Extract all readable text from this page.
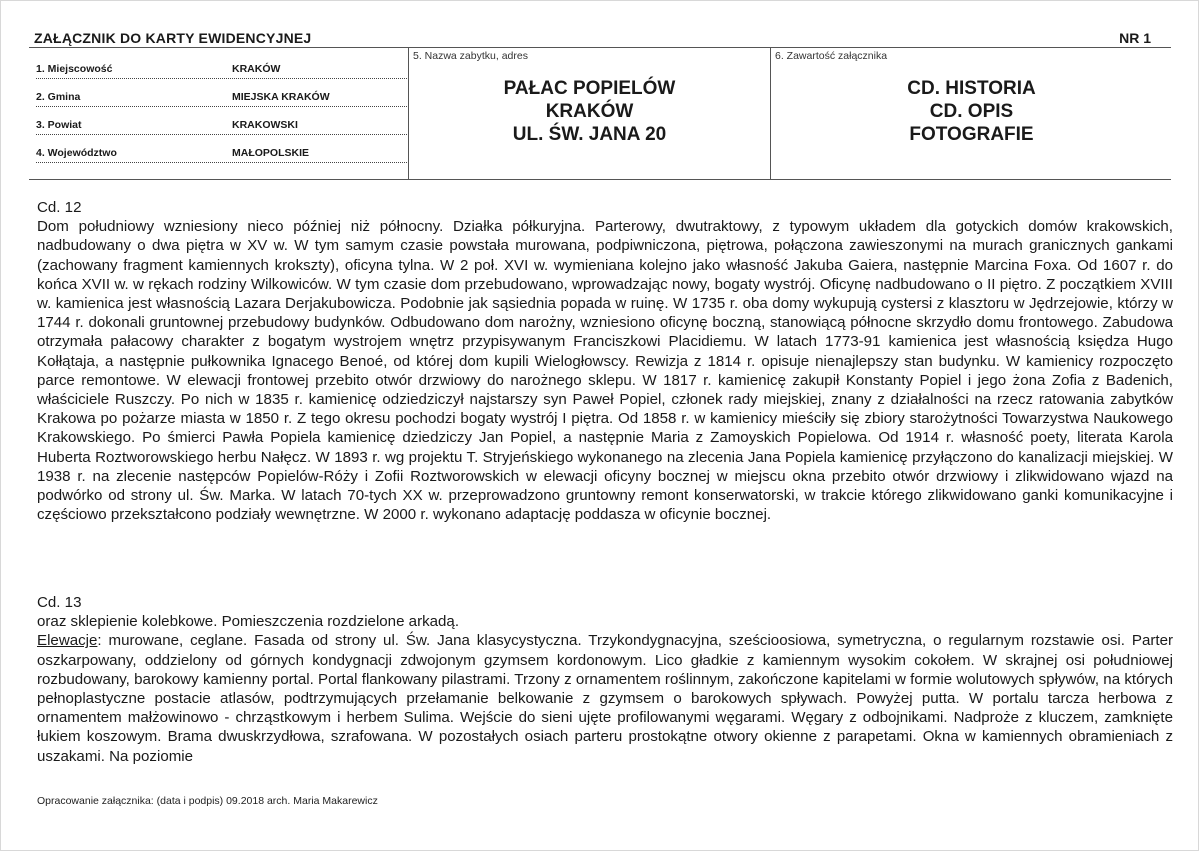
ZAŁĄCZNIK DO KARTY EWIDENCYJNEJ	NR 1
1. Miejscowość	KRAKÓW
2. Gmina	MIEJSKA KRAKÓW
3. Powiat	KRAKOWSKI
4. Województwo	MAŁOPOLSKIE
5. Nazwa zabytku, adres
PAŁAC POPIELÓW
KRAKÓW
UL. ŚW. JANA 20
6. Zawartość załącznika
CD. HISTORIA
CD. OPIS
FOTOGRAFIE
Cd. 12

Dom południowy wzniesiony nieco później niż północny. Działka półkuryjna. Parterowy, dwutraktowy, z typowym układem dla gotyckich domów krakowskich, nadbudowany o dwa piętra w XV w. W tym samym czasie powstała murowana, podpiwniczona, piętrowa, połączona zawieszonymi na murach granicznych gankami (zachowany fragment kamiennych krokszty), oficyna tylna. W 2 poł. XVI w. wymieniana kolejno jako własność Jakuba Gaiera, następnie Marcina Foxa. Od 1607 r. do końca XVII w. w rękach rodziny Wilkowiców. W tym czasie dom przebudowano, wprowadzając nowy, bogaty wystrój. Oficynę nadbudowano o II piętro. Z początkiem XVIII w. kamienica jest własnością Lazara Derjakubowicza. Podobnie jak sąsiednia popada w ruinę. W 1735 r. oba domy wykupują cystersi z klasztoru w Jędrzejowie, którzy w 1744 r. dokonali gruntownej przebudowy budynków. Odbudowano dom narożny, wzniesiono oficynę boczną, stanowiącą północne skrzydło domu frontowego. Zabudowa otrzymała pałacowy charakter z bogatym wystrojem wnętrz przypisywanym Franciszkowi Placidiemu. W latach 1773-91 kamienica jest własnością księdza Hugo Kołłątaja, a następnie pułkownika Ignacego Benoé, od której dom kupili Wielogłowscy. Rewizja z 1814 r. opisuje nienajlepszy stan budynku. W kamienicy rozpoczęto parce remontowe. W elewacji frontowej przebito otwór drzwiowy do narożnego sklepu. W 1817 r. kamienicę zakupił Konstanty Popiel i jego żona Zofia z Badenich, właściciele Ruszczy. Po nich w 1835 r. kamienicę odziedziczył najstarszy syn Paweł Popiel, członek rady miejskiej, znany z działalności na rzecz ratowania zabytków Krakowa po pożarze miasta w 1850 r. Z tego okresu pochodzi bogaty wystrój I piętra. Od 1858 r. w kamienicy mieściły się zbiory starożytności Towarzystwa Naukowego Krakowskiego. Po śmierci Pawła Popiela kamienicę dziedziczy Jan Popiel, a następnie Maria z Zamoyskich Popielowa. Od 1914 r. własność poety, literata Karola Huberta Roztworowskiego herbu Nałęcz. W 1893 r. wg projektu T. Stryjeńskiego wykonanego na zlecenia Jana Popiela kamienicę przyłączono do kanalizacji miejskiej. W 1938 r. na zlecenie następców Popielów-Róży i Zofii Roztworowskich w elewacji oficyny bocznej w miejscu okna przebito otwór drzwiowy i zlikwidowano wjazd na podwórko od strony ul. Św. Marka. W latach 70-tych XX w. przeprowadzono gruntowny remont konserwatorski, w trakcie którego zlikwidowano ganki komunikacyjne i częściowo przekształcono podziały wewnętrzne. W 2000 r. wykonano adaptację poddasza w oficynie bocznej.

Cd. 13
oraz sklepienie kolebkowe. Pomieszczenia rozdzielone arkadą.

Elewacje: murowane, ceglane. Fasada od strony ul. Św. Jana klasycystyczna. Trzykondygnacyjna, sześcioosiowa, symetryczna, o regularnym rozstawie osi. Parter oszkarpowany, oddzielony od górnych kondygnacji zdwojonym gzymsem kordonowym. Lico gładkie z kamiennym wysokim cokołem. W skrajnej osi południowej rozbudowany, barokowy kamienny portal. Portal flankowany pilastrami. Trzony z ornamentem roślinnym, zakończone kapitelami w formie wolutowych spływów, na których pełnoplastyczne postacie atlasów, podtrzymujących przełamanie belkowanie z gzymsem o barokowych spływach. Powyżej putta. W portalu tarcza herbowa z ornamentem małżowinowo - chrząstkowym i herbem Sulima. Wejście do sieni ujęte profilowanymi węgarami. Węgary z odbojnikami. Nadproże z kluczem, zamknięte łukiem koszowym. Brama dwuskrzydłowa, szrafowana. W pozostałych osiach parteru prostokątne otwory okienne z parapetami. Okna w kamiennych obramieniach z uszakami. Na poziomie

Opracowanie załącznika: (data i podpis) 09.2018 arch. Maria Makarewicz
